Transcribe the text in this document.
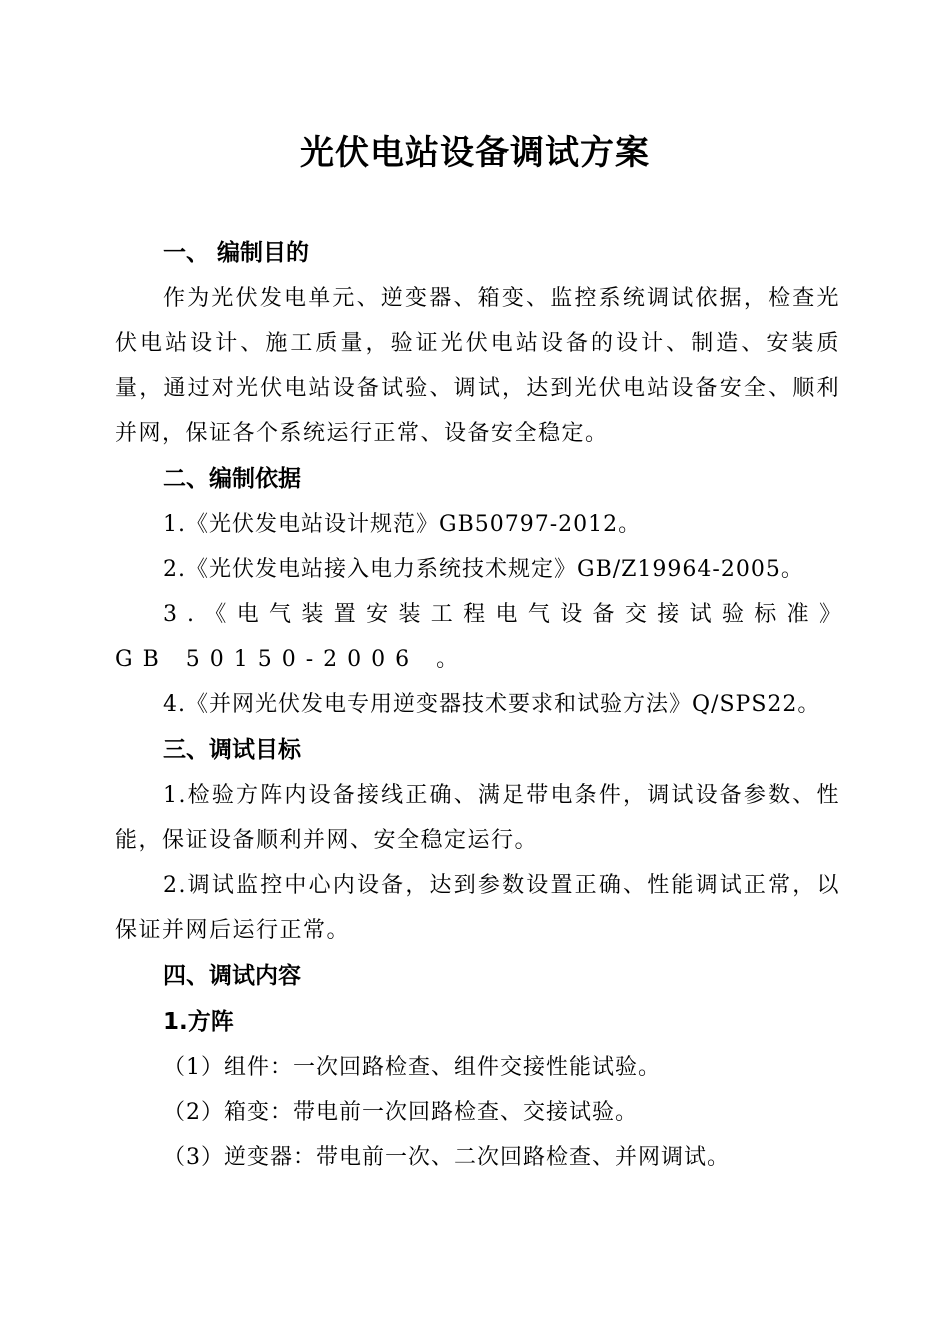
光伏电站设备调试方案
一、 编制目的

作为光伏发电单元、逆变器、箱变、监控系统调试依据，检查光伏电站设计、施工质量，验证光伏电站设备的设计、制造、安装质量，通过对光伏电站设备试验、调试，达到光伏电站设备安全、顺利并网，保证各个系统运行正常、设备安全稳定。

二、编制依据
1.《光伏发电站设计规范》GB50797-2012。
2.《光伏发电站接入电力系统技术规定》GB/Z19964-2005。

3.《电气装置安装工程电气设备交接试验标准》GB 50150-2006 。

4.《并网光伏发电专用逆变器技术要求和试验方法》Q/SPS22。
三、调试目标

1.检验方阵内设备接线正确、满足带电条件，调试设备参数、性能，保证设备顺利并网、安全稳定运行。

2.调试监控中心内设备，达到参数设置正确、性能调试正常，以保证并网后运行正常。

四、调试内容
1.方阵
（1）组件：一次回路检查、组件交接性能试验。
（2）箱变：带电前一次回路检查、交接试验。
（3）逆变器：带电前一次、二次回路检查、并网调试。
